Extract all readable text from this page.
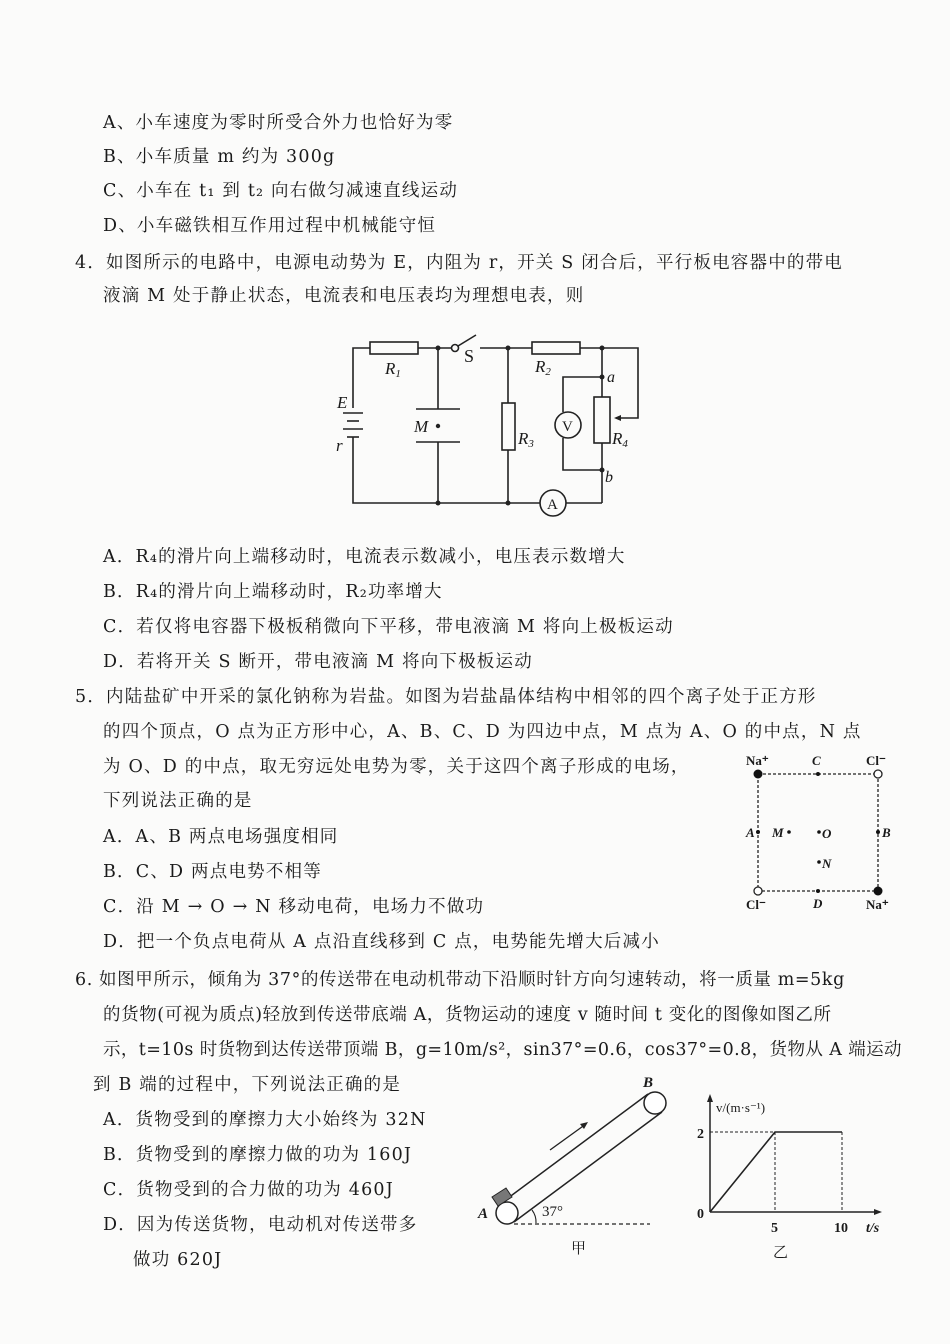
A、小车速度为零时所受合外力也恰好为零
B、小车质量 m 约为 300g
C、小车在 t₁ 到 t₂ 向右做匀减速直线运动
D、小车磁铁相互作用过程中机械能守恒
4．如图所示的电路中，电源电动势为 E，内阻为 r，开关 S 闭合后，平行板电容器中的带电
液滴 M 处于静止状态，电流表和电压表均为理想电表，则
R1	R2
R3	R4
S
E
r
M
a
b
V
A
A．R₄的滑片向上端移动时，电流表示数减小，电压表示数增大
B．R₄的滑片向上端移动时，R₂功率增大
C．若仅将电容器下极板稍微向下平移，带电液滴 M 将向上极板运动
D．若将开关 S 断开，带电液滴 M 将向下极板运动
5．内陆盐矿中开采的氯化钠称为岩盐。如图为岩盐晶体结构中相邻的四个离子处于正方形
的四个顶点，O 点为正方形中心，A、B、C、D 为四边中点，M 点为 A、O 的中点，N 点
为 O、D 的中点，取无穷远处电势为零，关于这四个离子形成的电场，
下列说法正确的是
Na⁺	Cl⁻
Cl⁻	Na⁺
C
A	B
D
M	O
N
A．A、B 两点电场强度相同
B．C、D 两点电势不相等
C．沿 M → O → N 移动电荷，电场力不做功
D．把一个负点电荷从 A 点沿直线移到 C 点，电势能先增大后减小
6. 如图甲所示，倾角为 37°的传送带在电动机带动下沿顺时针方向匀速转动，将一质量 m=5kg
的货物(可视为质点)轻放到传送带底端 A，货物运动的速度 v 随时间 t 变化的图像如图乙所
示，t=10s 时货物到达传送带顶端 B，g=10m/s²，sin37°=0.6，cos37°=0.8，货物从 A 端运动
到 B 端的过程中，下列说法正确的是
37°
A
B
甲
v/(m·s⁻¹)
2
0
5	10 t/s
乙
A．货物受到的摩擦力大小始终为 32N
B．货物受到的摩擦力做的功为 160J
C．货物受到的合力做的功为 460J
D．因为传送货物，电动机对传送带多
做功 620J
